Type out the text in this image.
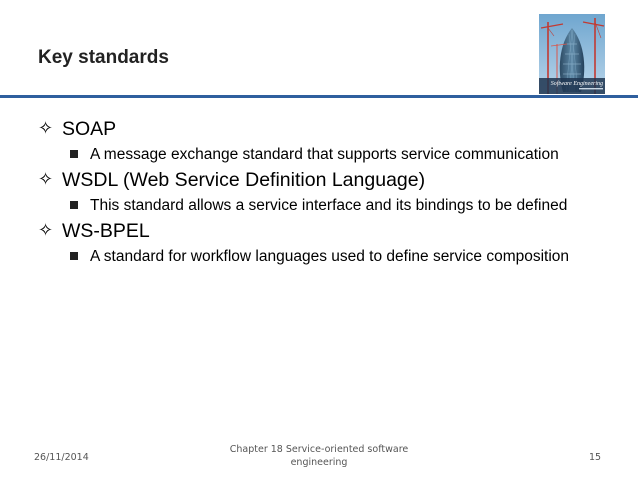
Key standards
Software Engineering
✧ SOAP
A message exchange standard that supports service communication
✧ WSDL (Web Service Definition Language)
This standard allows a service interface and its bindings to be defined
✧ WS-BPEL
A standard for workflow languages used to define service composition
26/11/2014
Chapter 18 Service-oriented software engineering	15
